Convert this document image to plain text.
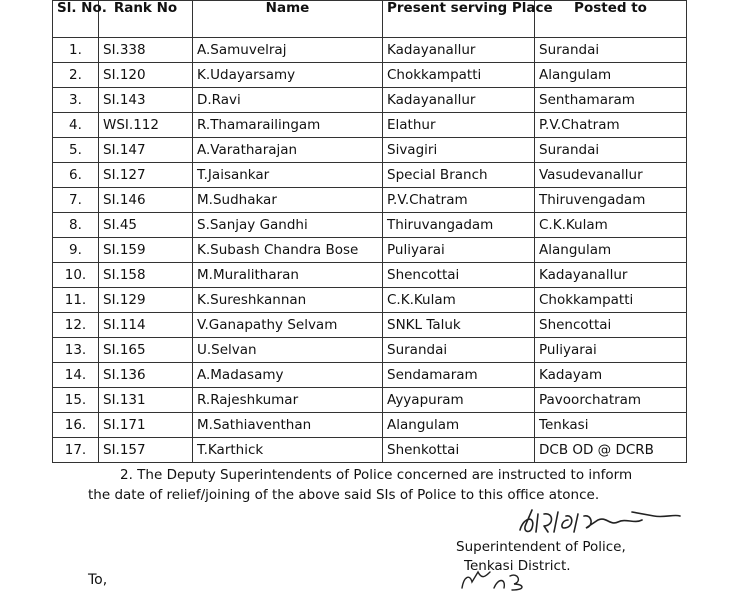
Sl. No.	Rank No	Name	Present serving Place	Posted to
1.	SI.338	A.Samuvelraj	Kadayanallur	Surandai
2.	SI.120	K.Udayarsamy	Chokkampatti	Alangulam
3.	SI.143	D.Ravi	Kadayanallur	Senthamaram
4.	WSI.112	R.Thamarailingam	Elathur	P.V.Chatram
5.	SI.147	A.Varatharajan	Sivagiri	Surandai
6.	SI.127	T.Jaisankar	Special Branch	Vasudevanallur
7.	SI.146	M.Sudhakar	P.V.Chatram	Thiruvengadam
8.	SI.45	S.Sanjay Gandhi	Thiruvangadam	C.K.Kulam
9.	SI.159	K.Subash Chandra Bose	Puliyarai	Alangulam
10.	SI.158	M.Muralitharan	Shencottai	Kadayanallur
11.	SI.129	K.Sureshkannan	C.K.Kulam	Chokkampatti
12.	SI.114	V.Ganapathy Selvam	SNKL Taluk	Shencottai
13.	SI.165	U.Selvan	Surandai	Puliyarai
14.	SI.136	A.Madasamy	Sendamaram	Kadayam
15.	SI.131	R.Rajeshkumar	Ayyapuram	Pavoorchatram
16.	SI.171	M.Sathiaventhan	Alangulam	Tenkasi
17.	SI.157	T.Karthick	Shenkottai	DCB OD @ DCRB
2. The Deputy Superintendents of Police concerned are instructed to inform
the date of relief/joining of the above said SIs of Police to this office atonce.
Superintendent of Police,
Tenkasi District.
To,
